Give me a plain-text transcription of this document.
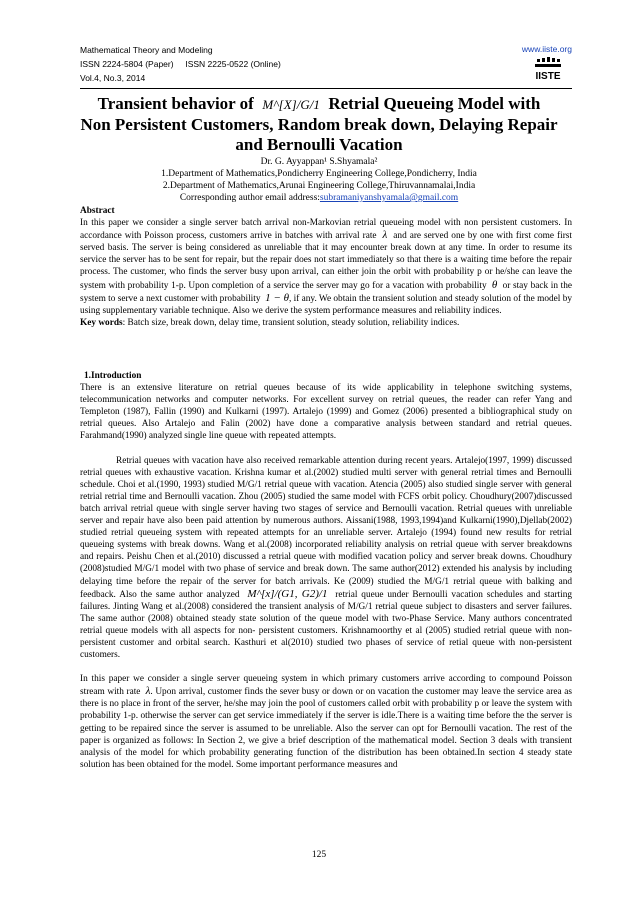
Mathematical Theory and Modeling
ISSN 2224-5804 (Paper)     ISSN 2225-0522 (Online)
Vol.4, No.3, 2014
www.iiste.org
IISTE
Transient behavior of M^[X]/G/1 Retrial Queueing Model with
Non Persistent Customers, Random break down, Delaying Repair
and Bernoulli Vacation
Dr. G. Ayyappan¹ S.Shyamala²
1.Department of Mathematics,Pondicherry Engineering College,Pondicherry, India
2.Department of Mathematics,Arunai Engineering College,Thiruvannamalai,India
Corresponding author email address:subramaniyanshyamala@gmail.com

Abstract

In this paper we consider a single server batch arrival non-Markovian retrial queueing model with non persistent customers. In accordance with Poisson process, customers arrive in batches with arrival rate λ and are served one by one with first come first served basis. The server is being considered as unreliable that it may encounter break down at any time. In order to resume its service the server has to be sent for repair, but the repair does not start immediately so that there is a waiting time before the repair process. The customer, who finds the server busy upon arrival, can either join the orbit with probability p or he/she can leave the system with probability 1-p. Upon completion of a service the server may go for a vacation with probability θ or stay back in the system to serve a next customer with probability 1 − θ, if any. We obtain the transient solution and steady solution of the model by using supplementary variable technique. Also we derive the system performance measures and reliability indices.

Key words: Batch size, break down, delay time, transient solution, steady solution, reliability indices.

1.Introduction

There is an extensive literature on retrial queues because of its wide applicability in telephone switching systems, telecommunication networks and computer networks. For excellent survey on retrial queues, the reader can refer Yang and Templeton (1987), Fallin (1990) and Kulkarni (1997). Artalejo (1999) and Gomez (2006) presented a bibliographical study on retrial queues. Also Artalejo and Falin (2002) have done a comparative analysis between standard and retrial queues. Farahmand(1990) analyzed single line queue with repeated attempts.

Retrial queues with vacation have also received remarkable attention during recent years. Artalejo(1997, 1999) discussed retrial queues with exhaustive vacation. Krishna kumar et al.(2002) studied multi server with general retrial times and Bernoulli schedule. Choi et al.(1990, 1993) studied M/G/1 retrial queue with vacation. Atencia (2005) also studied single server with general retrial retrial time and Bernoulli vacation. Zhou (2005) studied the same model with FCFS orbit policy. Choudhury(2007)discussed batch arrival retrial queue with single server having two stages of service and Bernoulli vacation. Retrial queues with unreliable server and repair have also been paid attention by numerous authors. Aissani(1988, 1993,1994)and Kulkarni(1990),Djellab(2002) studied retrial queueing system with repeated attempts for an unreliable server. Artalejo (1994) found new results for retrial queueing systems with break downs. Wang et al.(2008) incorporated reliability analysis on retrial queue with server breakdowns and repairs. Peishu Chen et al.(2010) discussed a retrial queue with modified vacation policy and server break downs. Choudhury (2008)studied M/G/1 model with two phase of service and break down. The same author(2012) extended his analysis by including delaying time before the repair of the server for batch arrivals. Ke (2009) studied the M/G/1 retrial queue with balking and feedback. Also the same author analyzed M^[x]/(G1, G2)/1 retrial queue under Bernoulli vacation schedules and starting failures. Jinting Wang et al.(2008) considered the transient analysis of M/G/1 retrial queue subject to disasters and server failures. The same author (2008) obtained steady state solution of the queue model with two-Phase Service. Many authors concentrated retrial queue models with all aspects for non- persistent customers. Krishnamoorthy et al (2005) studied retrial queue with non-persistent customer and orbital search. Kasthuri et al(2010) studied two phases of service of retial queue with non-persistent customers.

In this paper we consider a single server queueing system in which primary customers arrive according to compound Poisson stream with rate λ. Upon arrival, customer finds the sever busy or down or on vacation the customer may leave the service area as there is no place in front of the server, he/she may join the pool of customers called orbit with probability p or leave the system with probability 1-p. otherwise the server can get service immediately if the server is idle.There is a waiting time before the the server is getting to be repaired since the server is assumed to be unreliable. Also the server can opt for Bernoulli vacation. The rest of the paper is organized as follows: In Section 2, we give a brief description of the mathematical model. Section 3 deals with transient analysis of the model for which probability generating function of the distribution has been obtained.In section 4 steady state solution has been obtained for the model. Some important performance measures and

125
